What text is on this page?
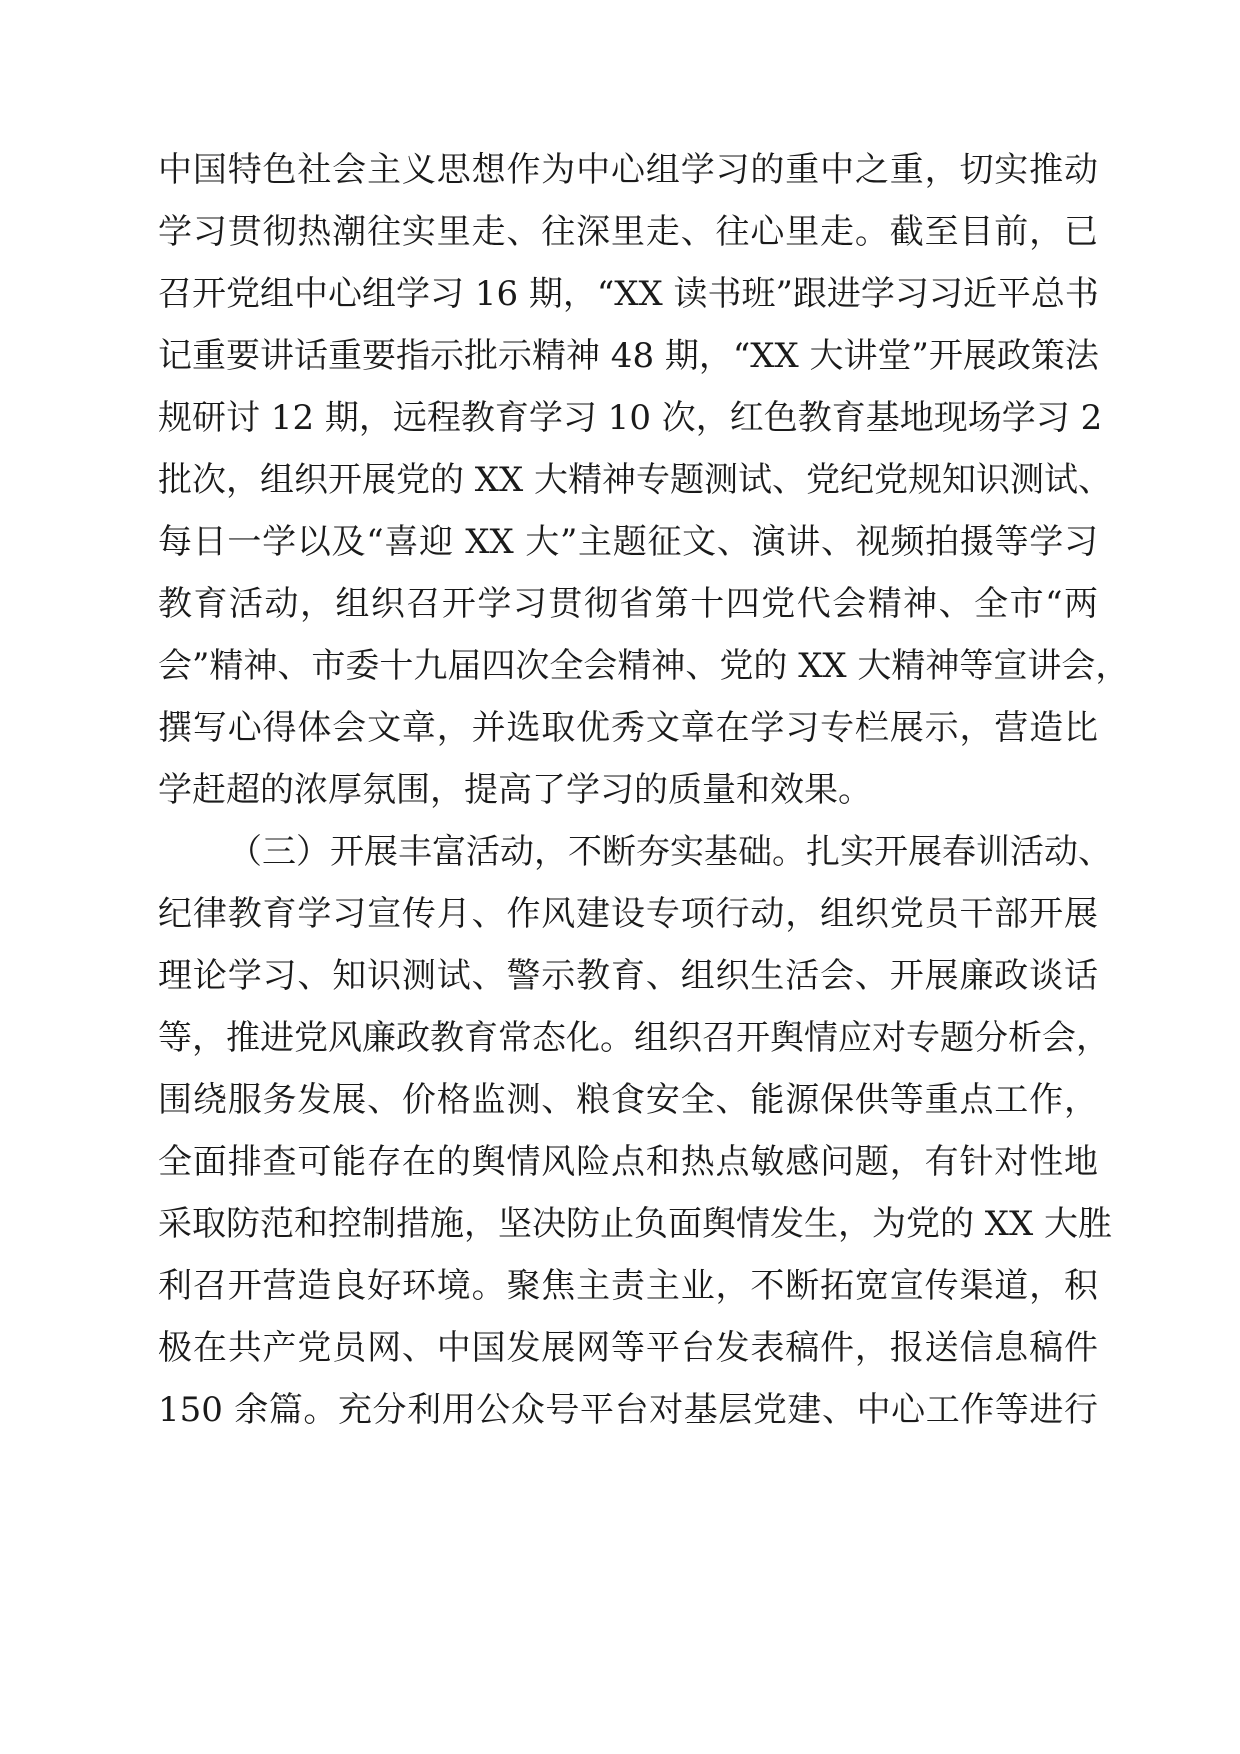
中国特色社会主义思想作为中心组学习的重中之重，切实推动
学习贯彻热潮往实里走、往深里走、往心里走。截至目前，已
召开党组中心组学习 16 期，“XX 读书班”跟进学习习近平总书
记重要讲话重要指示批示精神 48 期，“XX 大讲堂”开展政策法
规研讨 12 期，远程教育学习 10 次，红色教育基地现场学习 2
批次，组织开展党的 XX 大精神专题测试、党纪党规知识测试、
每日一学以及“喜迎 XX 大”主题征文、演讲、视频拍摄等学习
教育活动，组织召开学习贯彻省第十四党代会精神、全市“两
会”精神、市委十九届四次全会精神、党的 XX 大精神等宣讲会，
撰写心得体会文章，并选取优秀文章在学习专栏展示，营造比
学赶超的浓厚氛围，提高了学习的质量和效果。
（三）开展丰富活动，不断夯实基础。扎实开展春训活动、
纪律教育学习宣传月、作风建设专项行动，组织党员干部开展
理论学习、知识测试、警示教育、组织生活会、开展廉政谈话
等，推进党风廉政教育常态化。组织召开舆情应对专题分析会，
围绕服务发展、价格监测、粮食安全、能源保供等重点工作，
全面排查可能存在的舆情风险点和热点敏感问题，有针对性地
采取防范和控制措施，坚决防止负面舆情发生，为党的 XX 大胜
利召开营造良好环境。聚焦主责主业，不断拓宽宣传渠道，积
极在共产党员网、中国发展网等平台发表稿件，报送信息稿件
150 余篇。充分利用公众号平台对基层党建、中心工作等进行
